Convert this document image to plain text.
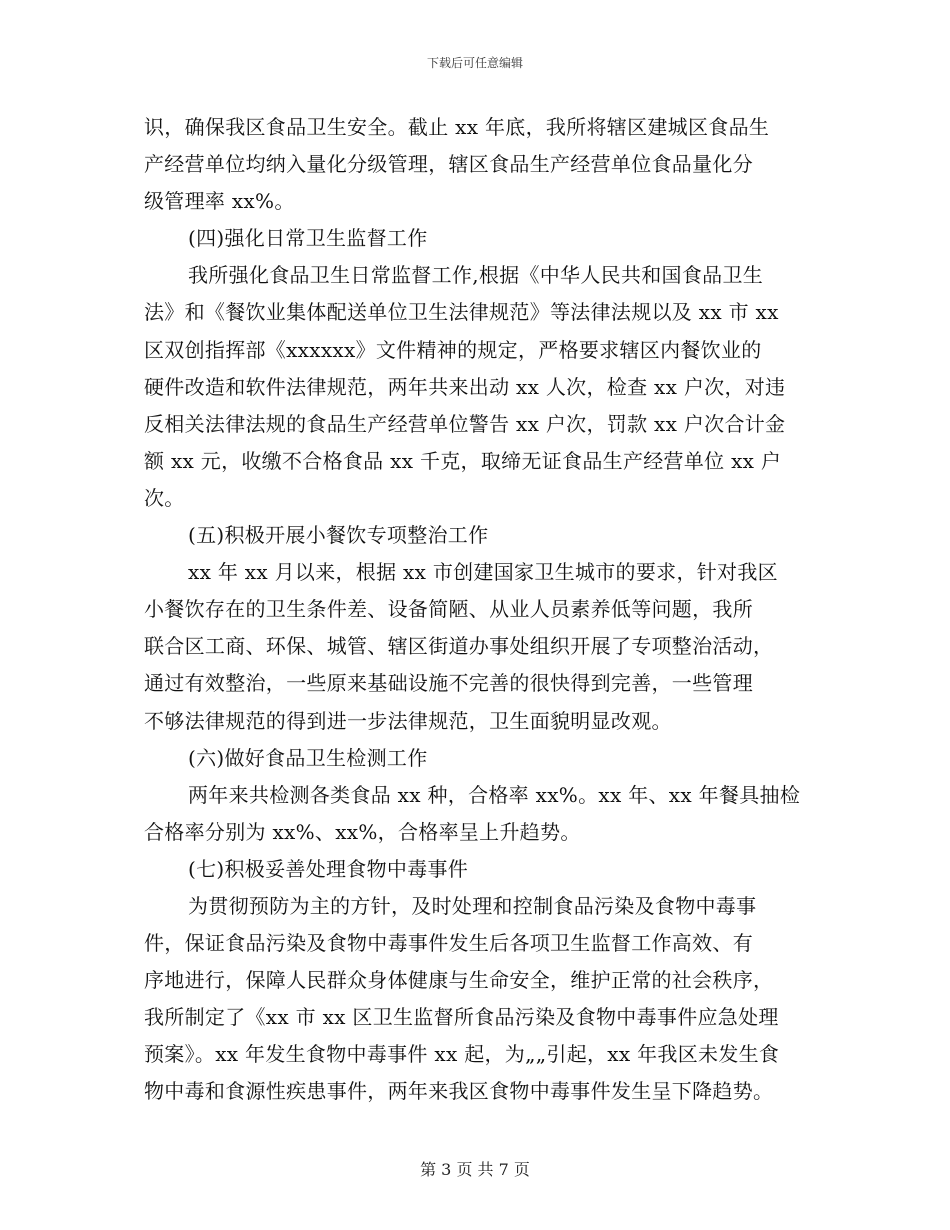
下载后可任意编辑
识，确保我区食品卫生安全。截止 xx 年底，我所将辖区建城区食品生
产经营单位均纳入量化分级管理，辖区食品生产经营单位食品量化分
级管理率 xx%。
(四)强化日常卫生监督工作
我所强化食品卫生日常监督工作,根据《中华人民共和国食品卫生
法》和《餐饮业集体配送单位卫生法律规范》等法律法规以及 xx 市 xx
区双创指挥部《xxxxxx》文件精神的规定，严格要求辖区内餐饮业的
硬件改造和软件法律规范，两年共来出动 xx 人次，检查 xx 户次，对违
反相关法律法规的食品生产经营单位警告 xx 户次，罚款 xx 户次合计金
额 xx 元，收缴不合格食品 xx 千克，取缔无证食品生产经营单位 xx 户
次。
(五)积极开展小餐饮专项整治工作
xx 年 xx 月以来，根据 xx 市创建国家卫生城市的要求，针对我区
小餐饮存在的卫生条件差、设备简陋、从业人员素养低等问题，我所
联合区工商、环保、城管、辖区街道办事处组织开展了专项整治活动，
通过有效整治，一些原来基础设施不完善的很快得到完善，一些管理
不够法律规范的得到进一步法律规范，卫生面貌明显改观。
(六)做好食品卫生检测工作
两年来共检测各类食品 xx 种，合格率 xx%。xx 年、xx 年餐具抽检
合格率分别为 xx%、xx%，合格率呈上升趋势。
(七)积极妥善处理食物中毒事件
为贯彻预防为主的方针，及时处理和控制食品污染及食物中毒事
件，保证食品污染及食物中毒事件发生后各项卫生监督工作高效、有
序地进行，保障人民群众身体健康与生命安全，维护正常的社会秩序，
我所制定了《xx 市 xx 区卫生监督所食品污染及食物中毒事件应急处理
预案》。xx 年发生食物中毒事件 xx 起，为„„引起，xx 年我区未发生食
物中毒和食源性疾患事件，两年来我区食物中毒事件发生呈下降趋势。
第 3 页 共 7 页
